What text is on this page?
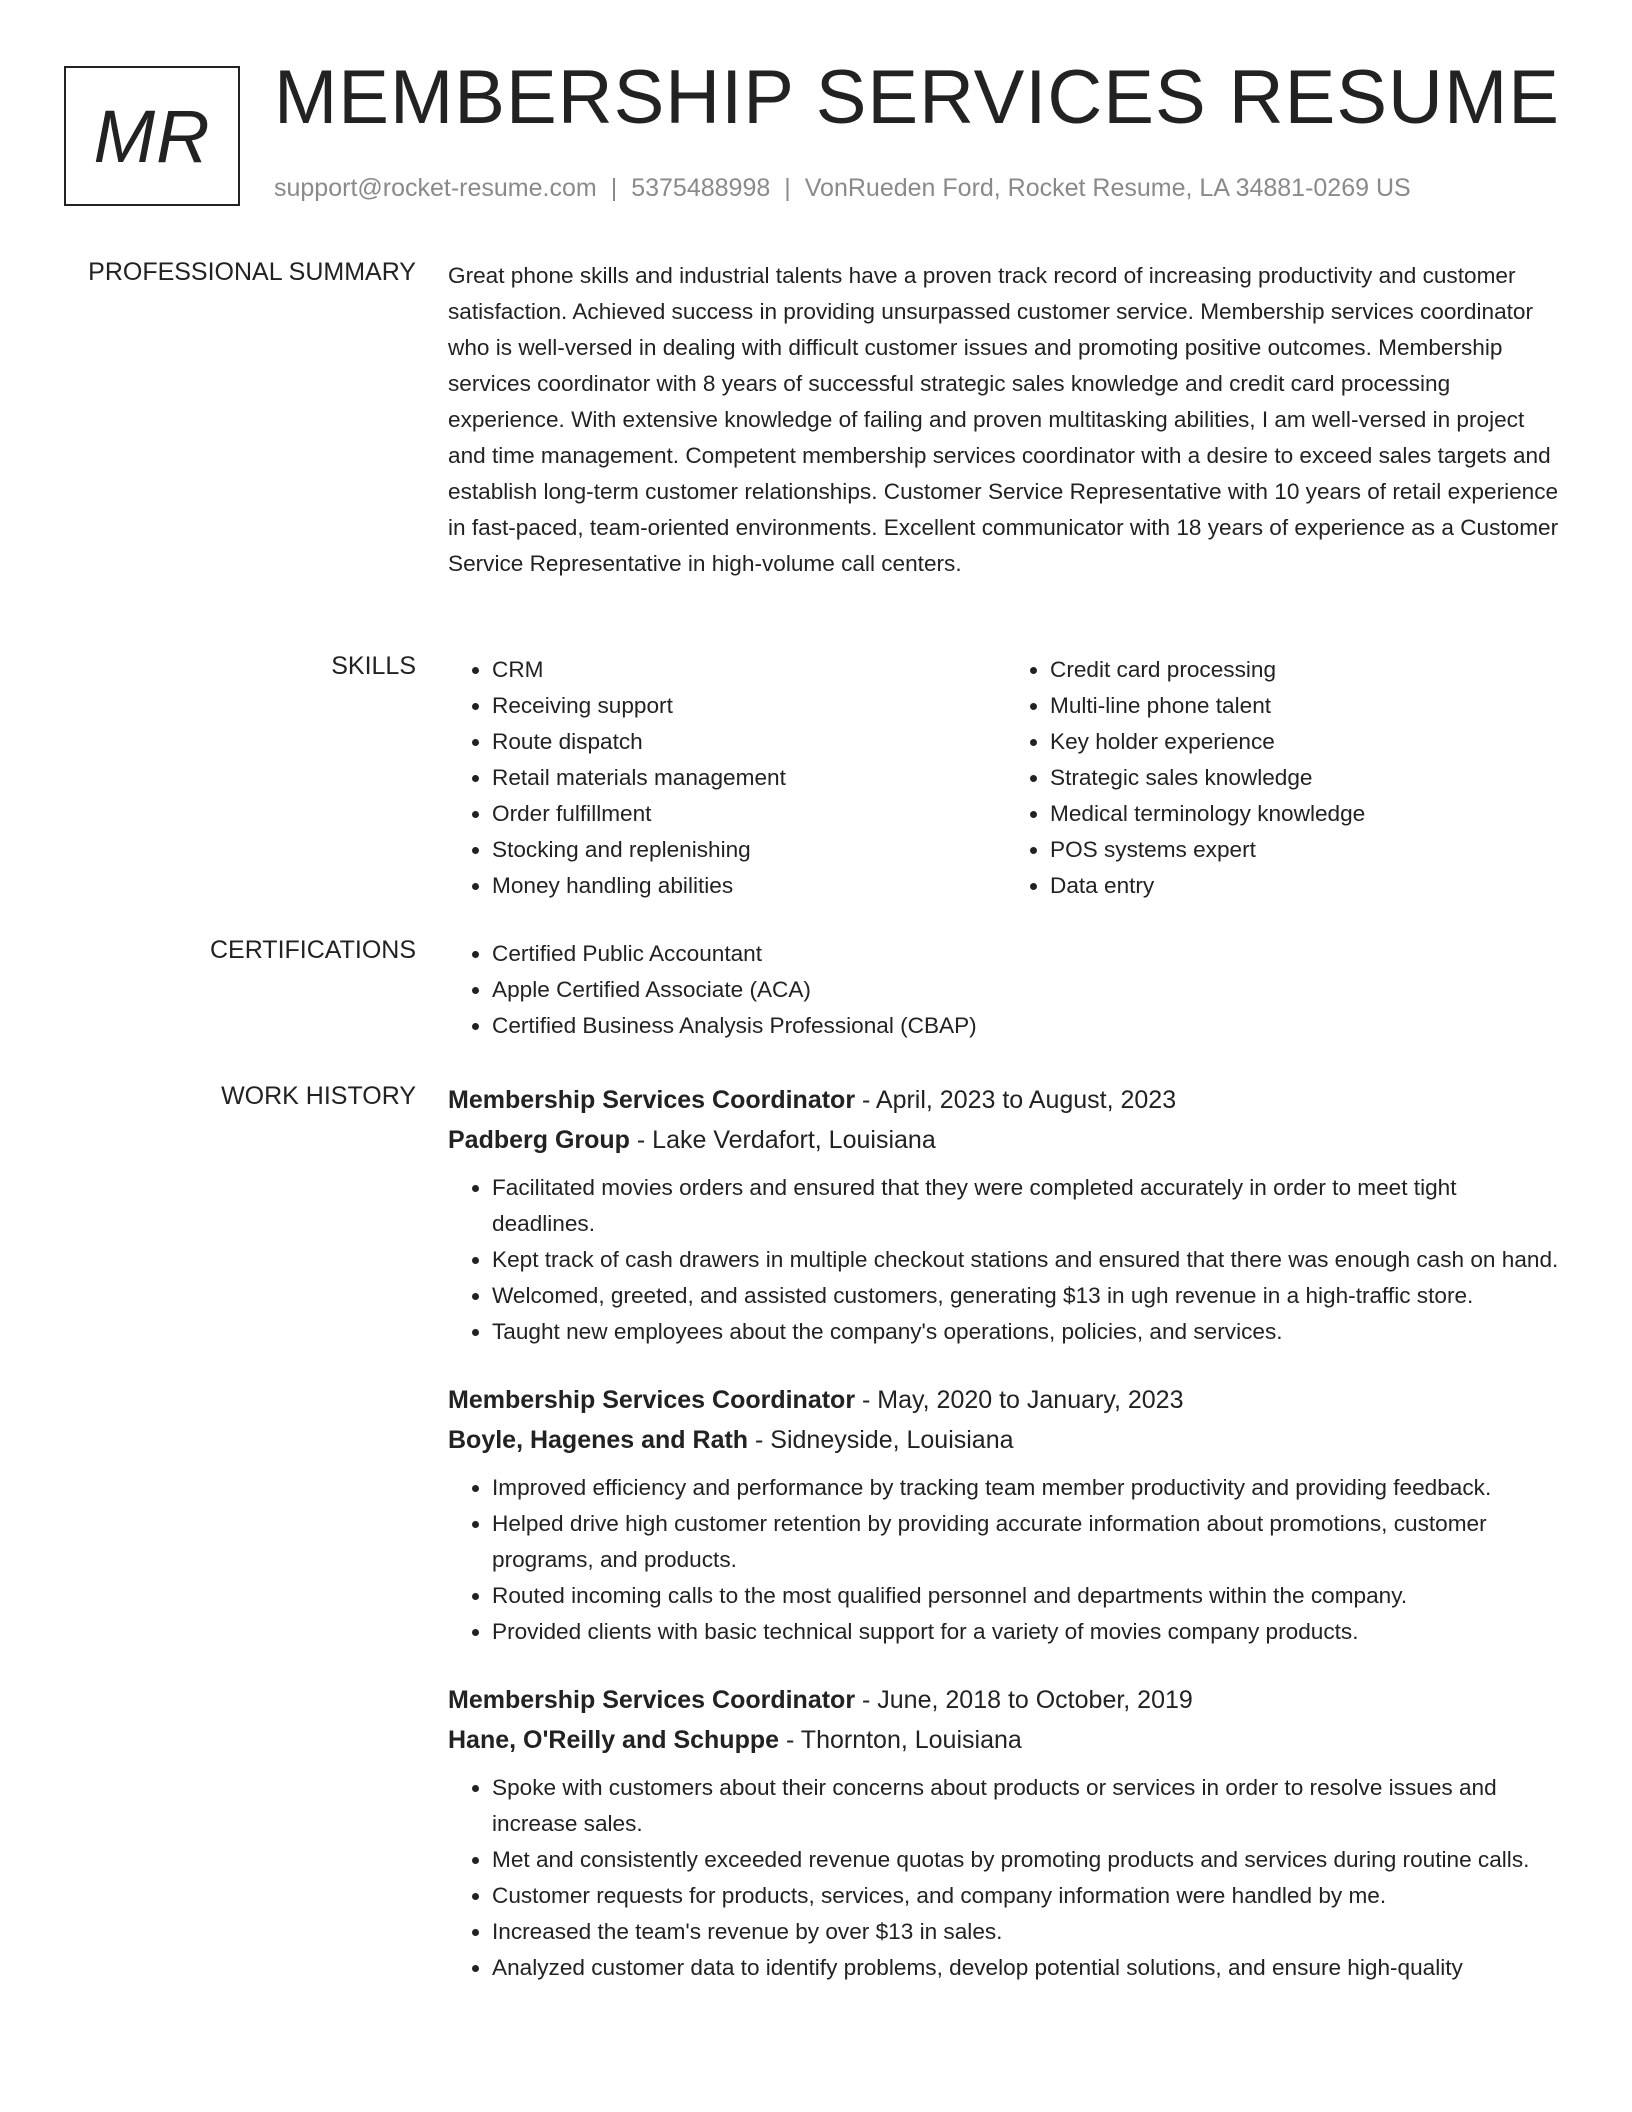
MR MEMBERSHIP SERVICES RESUME
support@rocket-resume.com | 5375488998 | VonRueden Ford, Rocket Resume, LA 34881-0269 US
PROFESSIONAL SUMMARY Great phone skills and industrial talents have a proven track record of increasing productivity and customer satisfaction. Achieved success in providing unsurpassed customer service. Membership services coordinator who is well-versed in dealing with difficult customer issues and promoting positive outcomes. Membership services coordinator with 8 years of successful strategic sales knowledge and credit card processing experience. With extensive knowledge of failing and proven multitasking abilities, I am well-versed in project and time management. Competent membership services coordinator with a desire to exceed sales targets and establish long-term customer relationships. Customer Service Representative with 10 years of retail experience in fast-paced, team-oriented environments. Excellent communicator with 18 years of experience as a Customer Service Representative in high-volume call centers.

SKILLS	• CRM
• Receiving support
• Route dispatch
• Retail materials management
• Order fulfillment
• Stocking and replenishing
• Money handling abilities
• Credit card processing
• Multi-line phone talent
• Key holder experience
• Strategic sales knowledge
• Medical terminology knowledge
• POS systems expert
• Data entry
CERTIFICATIONS	• Certified Public Accountant
• Apple Certified Associate (ACA)
• Certified Business Analysis Professional (CBAP)
WORK HISTORY Membership Services Coordinator - April, 2023 to August, 2023
Padberg Group - Lake Verdafort, Louisiana
• Facilitated movies orders and ensured that they were completed accurately in order to meet tight deadlines.
• Kept track of cash drawers in multiple checkout stations and ensured that there was enough cash on hand.
• Welcomed, greeted, and assisted customers, generating $13 in ugh revenue in a high-traffic store.
• Taught new employees about the company's operations, policies, and services.
Membership Services Coordinator - May, 2020 to January, 2023
Boyle, Hagenes and Rath - Sidneyside, Louisiana
• Improved efficiency and performance by tracking team member productivity and providing feedback.
• Helped drive high customer retention by providing accurate information about promotions, customer programs, and products.
• Routed incoming calls to the most qualified personnel and departments within the company.
• Provided clients with basic technical support for a variety of movies company products.
Membership Services Coordinator - June, 2018 to October, 2019
Hane, O'Reilly and Schuppe - Thornton, Louisiana
• Spoke with customers about their concerns about products or services in order to resolve issues and increase sales.
• Met and consistently exceeded revenue quotas by promoting products and services during routine calls.
• Customer requests for products, services, and company information were handled by me.
• Increased the team's revenue by over $13 in sales.
• Analyzed customer data to identify problems, develop potential solutions, and ensure high-quality
